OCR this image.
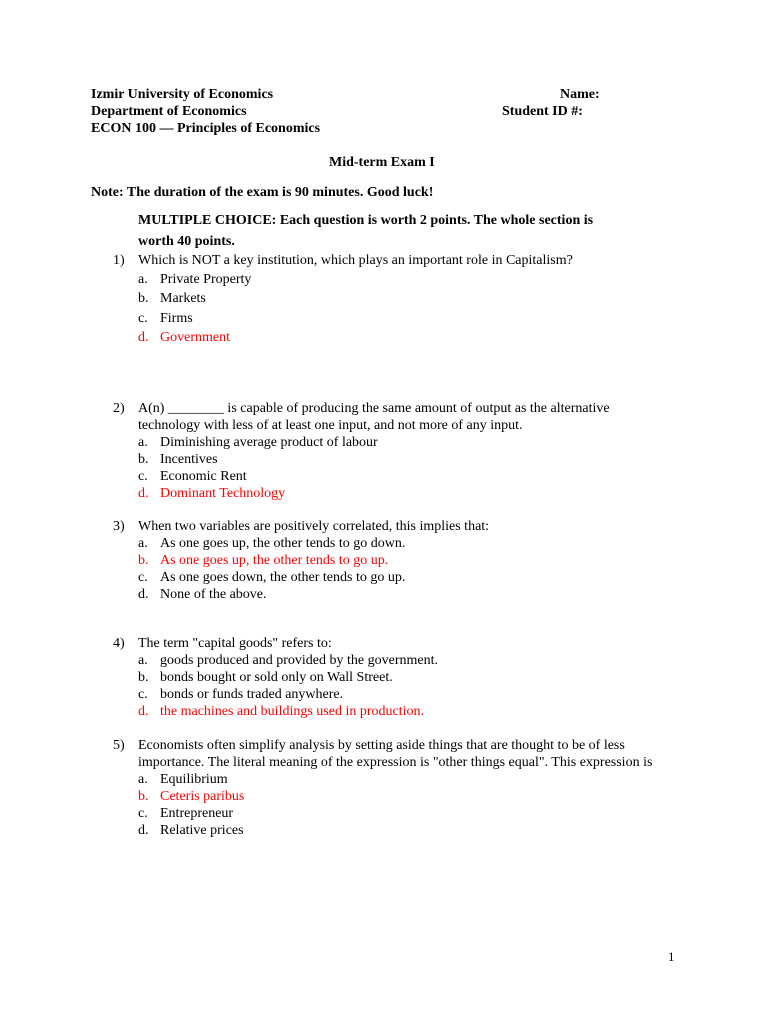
Izmir University of Economics	Name:
Department of Economics	Student ID #:
ECON 100 — Principles of Economics
Mid-term Exam I
Note: The duration of the exam is 90 minutes. Good luck!
MULTIPLE CHOICE: Each question is worth 2 points. The whole section is
worth 40 points.
1) Which is NOT a key institution, which plays an important role in Capitalism?
a. Private Property
b. Markets
c. Firms
d. Government
2) A(n) ________ is capable of producing the same amount of output as the alternative technology with less of at least one input, and not more of any input.
a. Diminishing average product of labour
b. Incentives
c. Economic Rent
d. Dominant Technology
3) When two variables are positively correlated, this implies that:
a. As one goes up, the other tends to go down.
b. As one goes up, the other tends to go up.
c. As one goes down, the other tends to go up.
d. None of the above.
4) The term "capital goods" refers to:
a. goods produced and provided by the government.
b. bonds bought or sold only on Wall Street.
c. bonds or funds traded anywhere.
d. the machines and buildings used in production.
5) Economists often simplify analysis by setting aside things that are thought to be of less importance. The literal meaning of the expression is "other things equal". This expression is
a. Equilibrium
b. Ceteris paribus
c. Entrepreneur
d. Relative prices
1
